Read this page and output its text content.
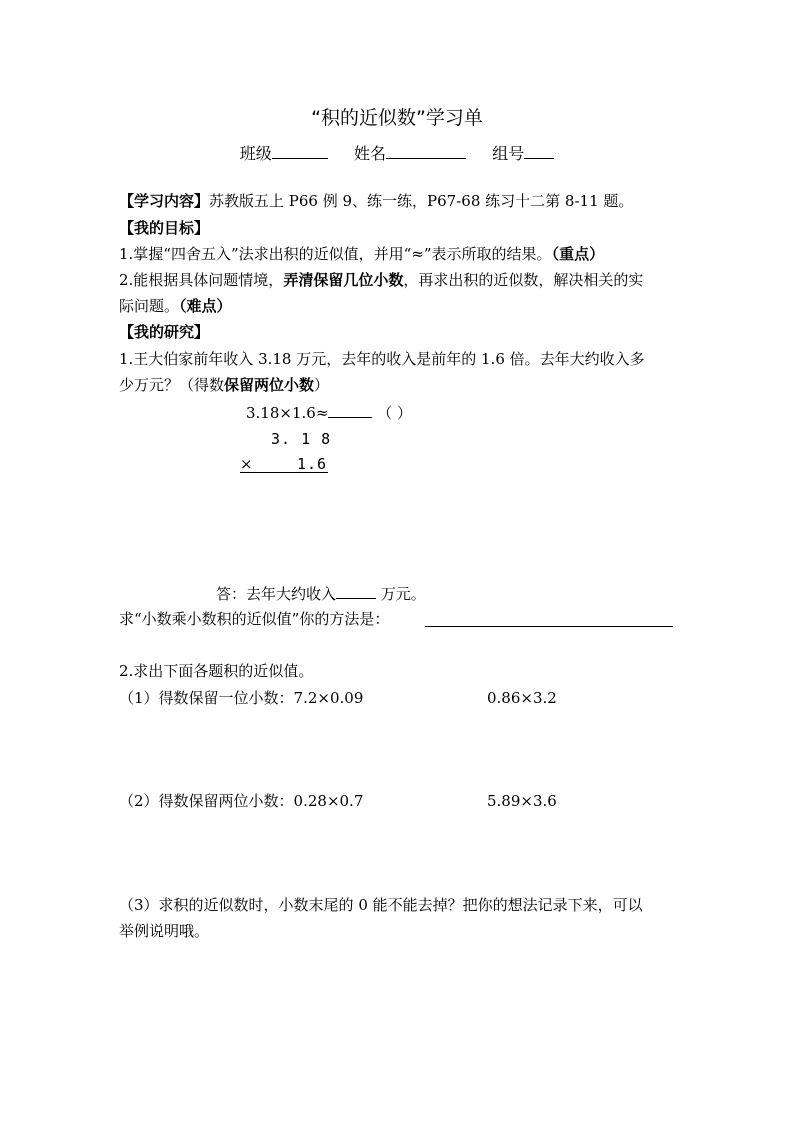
“积的近似数”学习单
班级	姓名	组号
【学习内容】苏教版五上 P66 例 9、练一练，P67-68 练习十二第 8-11 题。
【我的目标】
1.掌握“四舍五入”法求出积的近似值，并用“≈”表示所取的结果。（重点）
2.能根据具体问题情境，弄清保留几位小数，再求出积的近似数，解决相关的实
际问题。（难点）
【我的研究】
1.王大伯家前年收入 3.18 万元，去年的收入是前年的 1.6 倍。去年大约收入多
少万元？（得数保留两位小数）
3.18×1.6≈	（ ）
3. 1 8
×	1.6
答：去年大约收入	万元。
求“小数乘小数积的近似值”你的方法是：
2.求出下面各题积的近似值。
（1）得数保留一位小数：7.2×0.09	0.86×3.2
（2）得数保留两位小数：0.28×0.7	5.89×3.6
（3）求积的近似数时，小数末尾的 0 能不能去掉？把你的想法记录下来，可以
举例说明哦。
